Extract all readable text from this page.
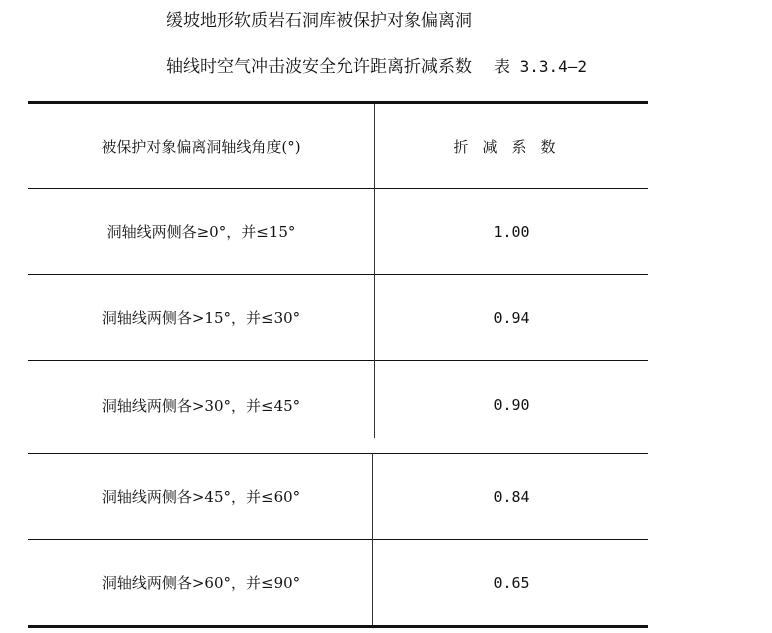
缓坡地形软质岩石洞库被保护对象偏离洞
轴线时空气冲击波安全允许距离折减系数 表 3.3.4—2
被保护对象偏离洞轴线角度(°)	折减系数
洞轴线两侧各≥0°，并≤15°	1.00
洞轴线两侧各>15°，并≤30°	0.94
洞轴线两侧各>30°，并≤45°	0.90
洞轴线两侧各>45°，并≤60°	0.84
洞轴线两侧各>60°，并≤90°	0.65
